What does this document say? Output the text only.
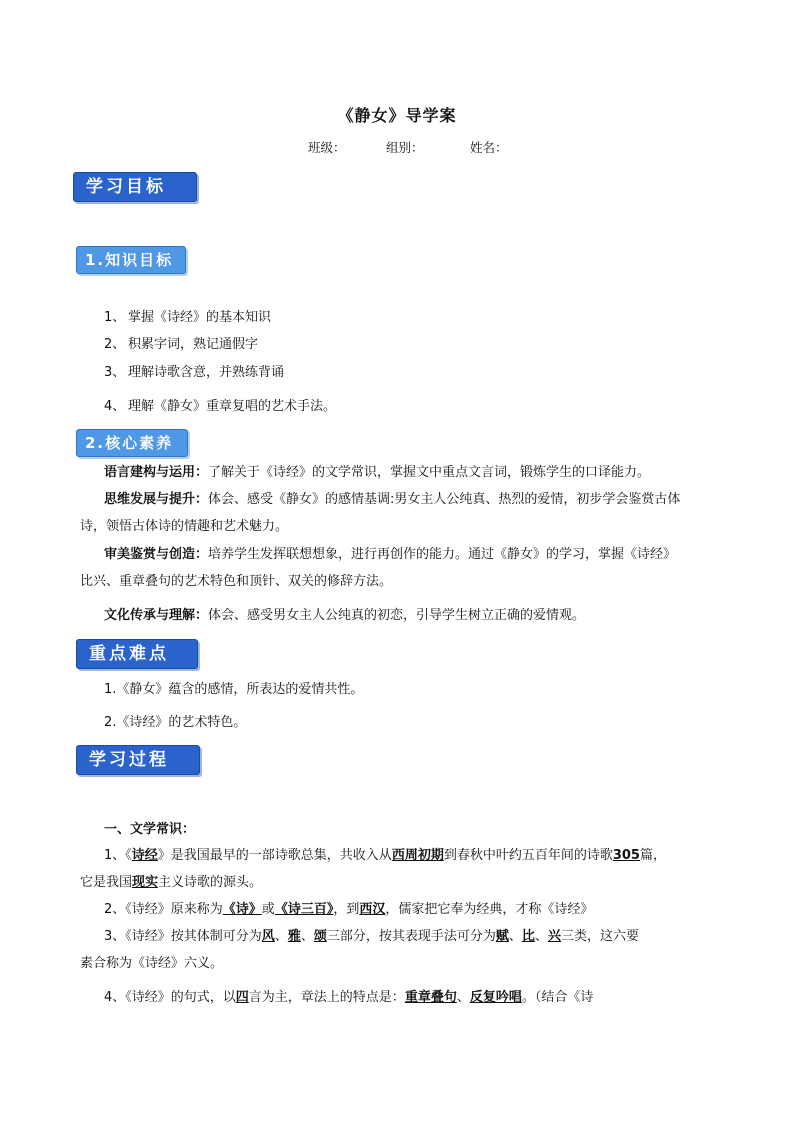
《静女》导学案
班级：	组别：	姓名：
学习目标
1.知识目标
1、 掌握《诗经》的基本知识
2、 积累字词，熟记通假字
3、 理解诗歌含意，并熟练背诵
4、 理解《静女》重章复唱的艺术手法。
2.核心素养
语言建构与运用：了解关于《诗经》的文学常识，掌握文中重点文言词，锻炼学生的口译能力。
思维发展与提升：体会、感受《静女》的感情基调:男女主人公纯真、热烈的爱情，初步学会鉴赏古体
诗，领悟古体诗的情趣和艺术魅力。
审美鉴赏与创造：培养学生发挥联想想象，进行再创作的能力。通过《静女》的学习，掌握《诗经》
比兴、重章叠句的艺术特色和顶针、双关的修辞方法。
文化传承与理解：体会、感受男女主人公纯真的初恋，引导学生树立正确的爱情观。
重点难点
1.《静女》蕴含的感情，所表达的爱情共性。
2.《诗经》的艺术特色。
学习过程
一、文学常识：
1、《诗经》是我国最早的一部诗歌总集，共收入从西周初期到春秋中叶约五百年间的诗歌305篇，
它是我国现实主义诗歌的源头。
2、《诗经》原来称为《诗》或《诗三百》，到西汉，儒家把它奉为经典，才称《诗经》
3、《诗经》按其体制可分为风、雅、颂三部分，按其表现手法可分为赋、比、兴三类，这六要
素合称为《诗经》六义。
4、《诗经》的句式，以四言为主，章法上的特点是：重章叠句、反复吟唱。（结合《诗
